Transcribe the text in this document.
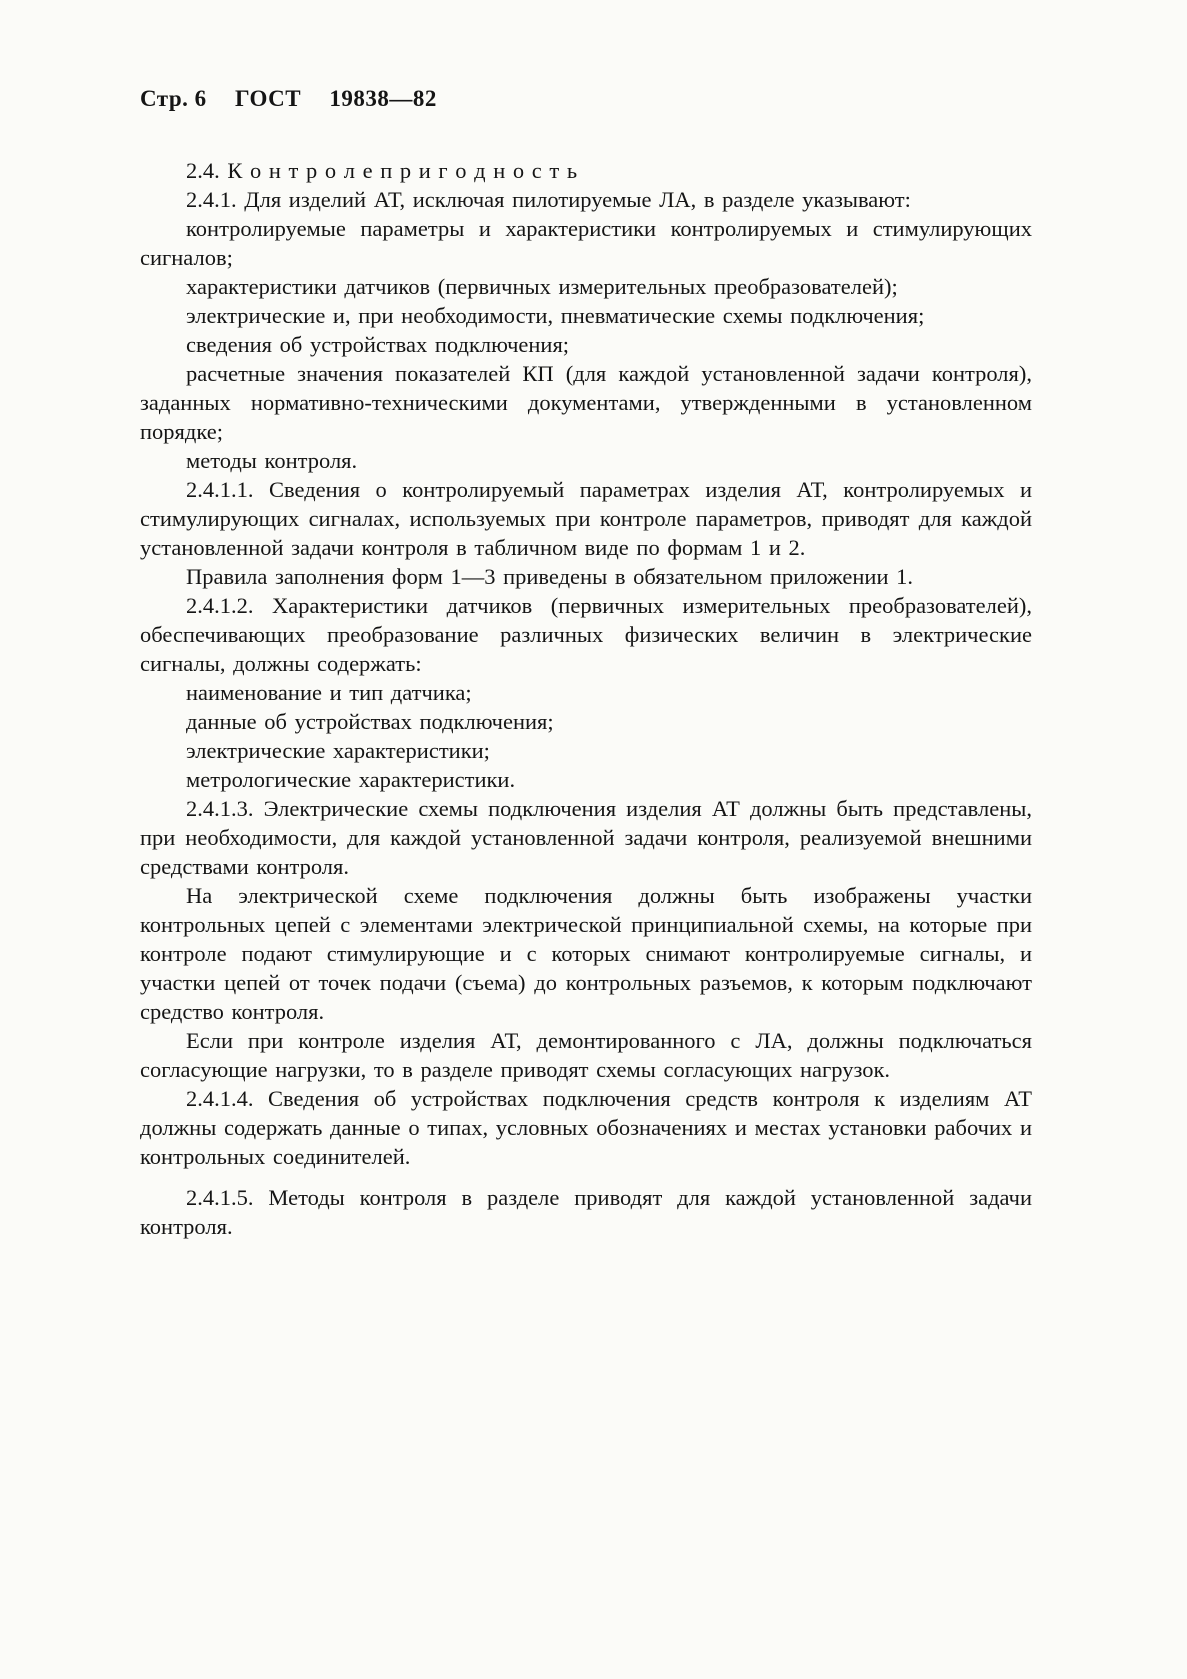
Стр. 6 ГОСТ 19838—82

2.4. К о н т р о л е п р и г о д н о с т ь

2.4.1. Для изделий АТ, исключая пилотируемые ЛА, в разделе указывают:

контролируемые параметры и характеристики контролируемых и стимулирующих сигналов;

характеристики датчиков (первичных измерительных преобразователей);

электрические и, при необходимости, пневматические схемы подключения;

сведения об устройствах подключения;

расчетные значения показателей КП (для каждой установленной задачи контроля), заданных нормативно-техническими документами, утвержденными в установленном порядке;

методы контроля.

2.4.1.1. Сведения о контролируемый параметрах изделия АТ, контролируемых и стимулирующих сигналах, используемых при контроле параметров, приводят для каждой установленной задачи контроля в табличном виде по формам 1 и 2.

Правила заполнения форм 1—3 приведены в обязательном приложении 1.

2.4.1.2. Характеристики датчиков (первичных измерительных преобразователей), обеспечивающих преобразование различных физических величин в электрические сигналы, должны содержать:

наименование и тип датчика;

данные об устройствах подключения;

электрические характеристики;

метрологические характеристики.

2.4.1.3. Электрические схемы подключения изделия АТ должны быть представлены, при необходимости, для каждой установленной задачи контроля, реализуемой внешними средствами контроля.

На электрической схеме подключения должны быть изображены участки контрольных цепей с элементами электрической принципиальной схемы, на которые при контроле подают стимулирующие и с которых снимают контролируемые сигналы, и участки цепей от точек подачи (съема) до контрольных разъемов, к которым подключают средство контроля.

Если при контроле изделия АТ, демонтированного с ЛА, должны подключаться согласующие нагрузки, то в разделе приводят схемы согласующих нагрузок.

2.4.1.4. Сведения об устройствах подключения средств контроля к изделиям АТ должны содержать данные о типах, условных обозначениях и местах установки рабочих и контрольных соединителей.

2.4.1.5. Методы контроля в разделе приводят для каждой установленной задачи контроля.
